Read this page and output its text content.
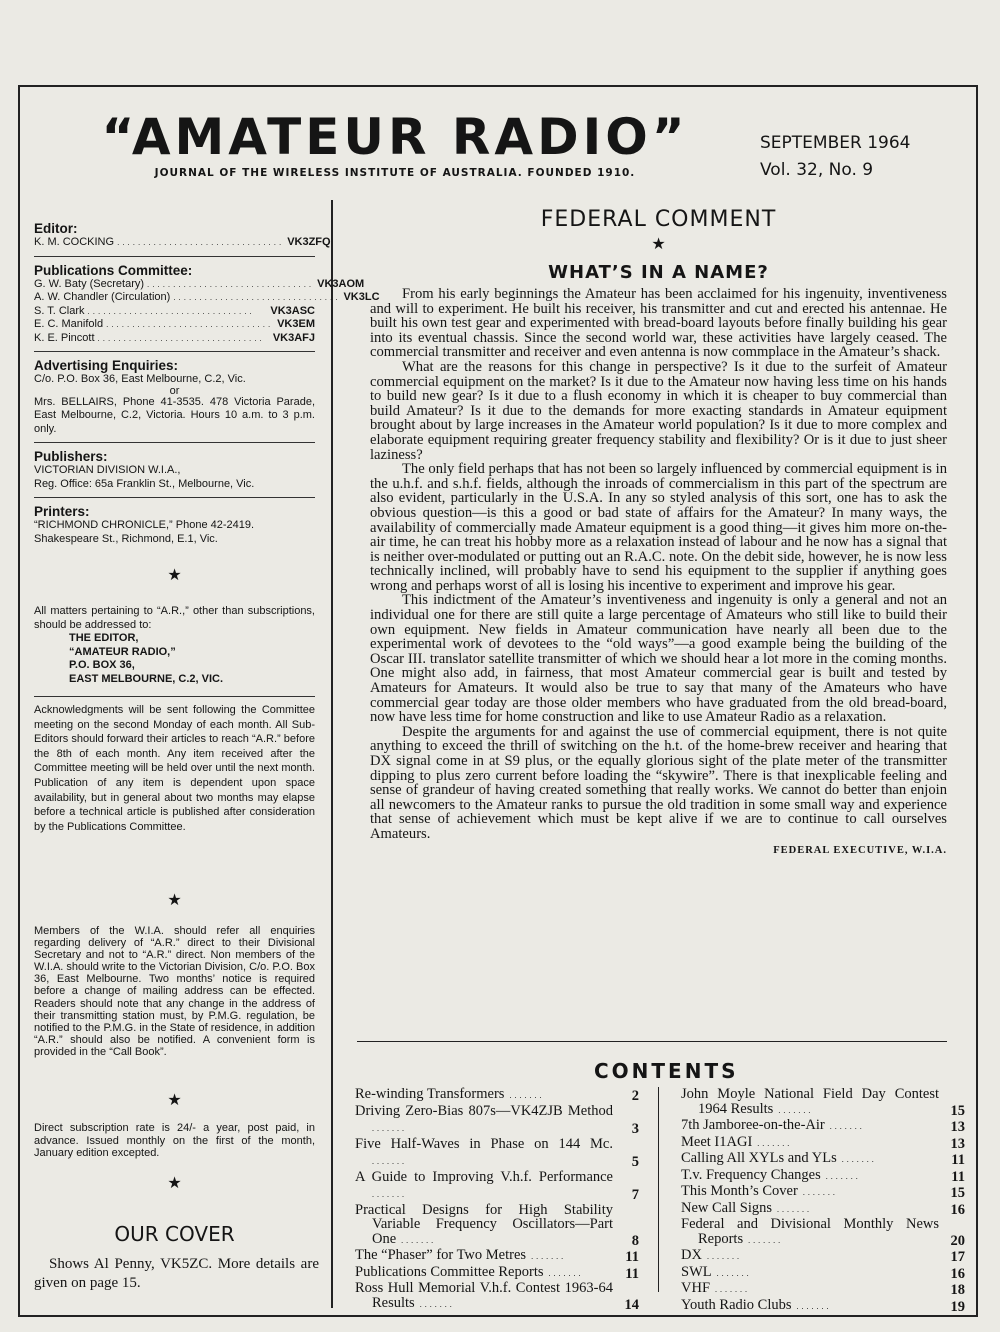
“AMATEUR RADIO”
JOURNAL OF THE WIRELESS INSTITUTE OF AUSTRALIA. FOUNDED 1910.
SEPTEMBER 1964
Vol. 32, No. 9
Editor:
K. M. COCKING ................................ VK3ZFQ
Publications Committee:
G. W. Baty (Secretary) ................................ VK3AOM
A. W. Chandler (Circulation) ................................ VK3LC
S. T. Clark ................................	VK3ASC
E. C. Manifold ................................ VK3EM
K. E. Pincott ................................ VK3AFJ
Advertising Enquiries:
C/o. P.O. Box 36, East Melbourne, C.2, Vic.
or
Mrs. BELLAIRS, Phone 41-3535. 478 Victoria Parade, East Melbourne, C.2, Victoria. Hours 10 a.m. to 3 p.m. only.
Publishers:
VICTORIAN DIVISION W.I.A.,
Reg. Office: 65a Franklin St., Melbourne, Vic.
Printers:
“RICHMOND CHRONICLE,” Phone 42-2419.
Shakespeare St., Richmond, E.1, Vic.
★
All matters pertaining to “A.R.,” other than subscriptions, should be addressed to:
THE EDITOR,
“AMATEUR RADIO,”
P.O. BOX 36,
EAST MELBOURNE, C.2, VIC.
Acknowledgments will be sent following the Committee meeting on the second Monday of each month. All Sub-Editors should forward their articles to reach “A.R.” before the 8th of each month. Any item received after the Committee meeting will be held over until the next month. Publication of any item is dependent upon space availability, but in general about two months may elapse before a technical article is published after consideration by the Publications Committee.
★
Members of the W.I.A. should refer all enquiries regarding delivery of “A.R.” direct to their Divisional Secretary and not to “A.R.” direct. Non members of the W.I.A. should write to the Victorian Division, C/o. P.O. Box 36, East Melbourne. Two months’ notice is required before a change of mailing address can be effected. Readers should note that any change in the address of their transmitting station must, by P.M.G. regulation, be notified to the P.M.G. in the State of residence, in addition “A.R.” should also be notified. A convenient form is provided in the “Call Book”.
★
Direct subscription rate is 24/- a year, post paid, in advance. Issued monthly on the first of the month, January edition excepted.
★
OUR COVER
Shows Al Penny, VK5ZC. More details are given on page 15.
FEDERAL COMMENT
★
WHAT’S IN A NAME?

From his early beginnings the Amateur has been acclaimed for his ingenuity, inventiveness and will to experiment. He built his receiver, his transmitter and cut and erected his antennae. He built his own test gear and experimented with bread-board layouts before finally building his gear into its eventual chassis. Since the second world war, these activities have largely ceased. The commercial transmitter and receiver and even antenna is now commplace in the Amateur’s shack.

What are the reasons for this change in perspective? Is it due to the surfeit of Amateur commercial equipment on the market? Is it due to the Amateur now having less time on his hands to build new gear? Is it due to a flush economy in which it is cheaper to buy commercial than build Amateur? Is it due to the demands for more exacting standards in Amateur equipment brought about by large increases in the Amateur world population? Is it due to more complex and elaborate equipment requiring greater frequency stability and flexibility? Or is it due to just sheer laziness?

The only field perhaps that has not been so largely influenced by commercial equipment is in the u.h.f. and s.h.f. fields, although the inroads of commercialism in this part of the spectrum are also evident, particularly in the U.S.A. In any so styled analysis of this sort, one has to ask the obvious question—is this a good or bad state of affairs for the Amateur? In many ways, the availability of commercially made Amateur equipment is a good thing—it gives him more on-the-air time, he can treat his hobby more as a relaxation instead of labour and he now has a signal that is neither over-modulated or putting out an R.A.C. note. On the debit side, however, he is now less technically inclined, will probably have to send his equipment to the supplier if anything goes wrong and perhaps worst of all is losing his incentive to experiment and improve his gear.

This indictment of the Amateur’s inventiveness and ingenuity is only a general and not an individual one for there are still quite a large percentage of Amateurs who still like to build their own equipment. New fields in Amateur communication have nearly all been due to the experimental work of devotees to the “old ways”—a good example being the building of the Oscar III. translator satellite transmitter of which we should hear a lot more in the coming months. One might also add, in fairness, that most Amateur commercial gear is built and tested by Amateurs for Amateurs. It would also be true to say that many of the Amateurs who have commercial gear today are those older members who have graduated from the old bread-board, now have less time for home construction and like to use Amateur Radio as a relaxation.

Despite the arguments for and against the use of commercial equipment, there is not quite anything to exceed the thrill of switching on the h.t. of the home-brew receiver and hearing that DX signal come in at S9 plus, or the equally glorious sight of the plate meter of the transmitter dipping to plus zero current before loading the “skywire”. There is that inexplicable feeling and sense of grandeur of having created something that really works. We cannot do better than enjoin all newcomers to the Amateur ranks to pursue the old tradition in some small way and experience that sense of achievement which must be kept alive if we are to continue to call ourselves Amateurs.

FEDERAL EXECUTIVE, W.I.A.
CONTENTS
Re-winding Transformers .......	2
Driving Zero-Bias 807s—VK4ZJB Method .......	3
Five Half-Waves in Phase on 144 Mc. .......	5
A Guide to Improving V.h.f. Performance .......	7
Practical Designs for High Stability Variable Frequency Oscillators—Part One .......	8
The “Phaser” for Two Metres .......	11
Publications Committee Reports .......	11
Ross Hull Memorial V.h.f. Contest 1963-64 Results .......	14
John Moyle National Field Day Contest 1964 Results .......	15
7th Jamboree-on-the-Air .......	13
Meet I1AGI .......	13
Calling All XYLs and YLs .......	11
T.v. Frequency Changes .......	11
This Month’s Cover .......	15
New Call Signs .......	16
Federal and Divisional Monthly News Reports .......	20
DX .......	17
SWL .......	16
VHF .......	18
Youth Radio Clubs .......	19
